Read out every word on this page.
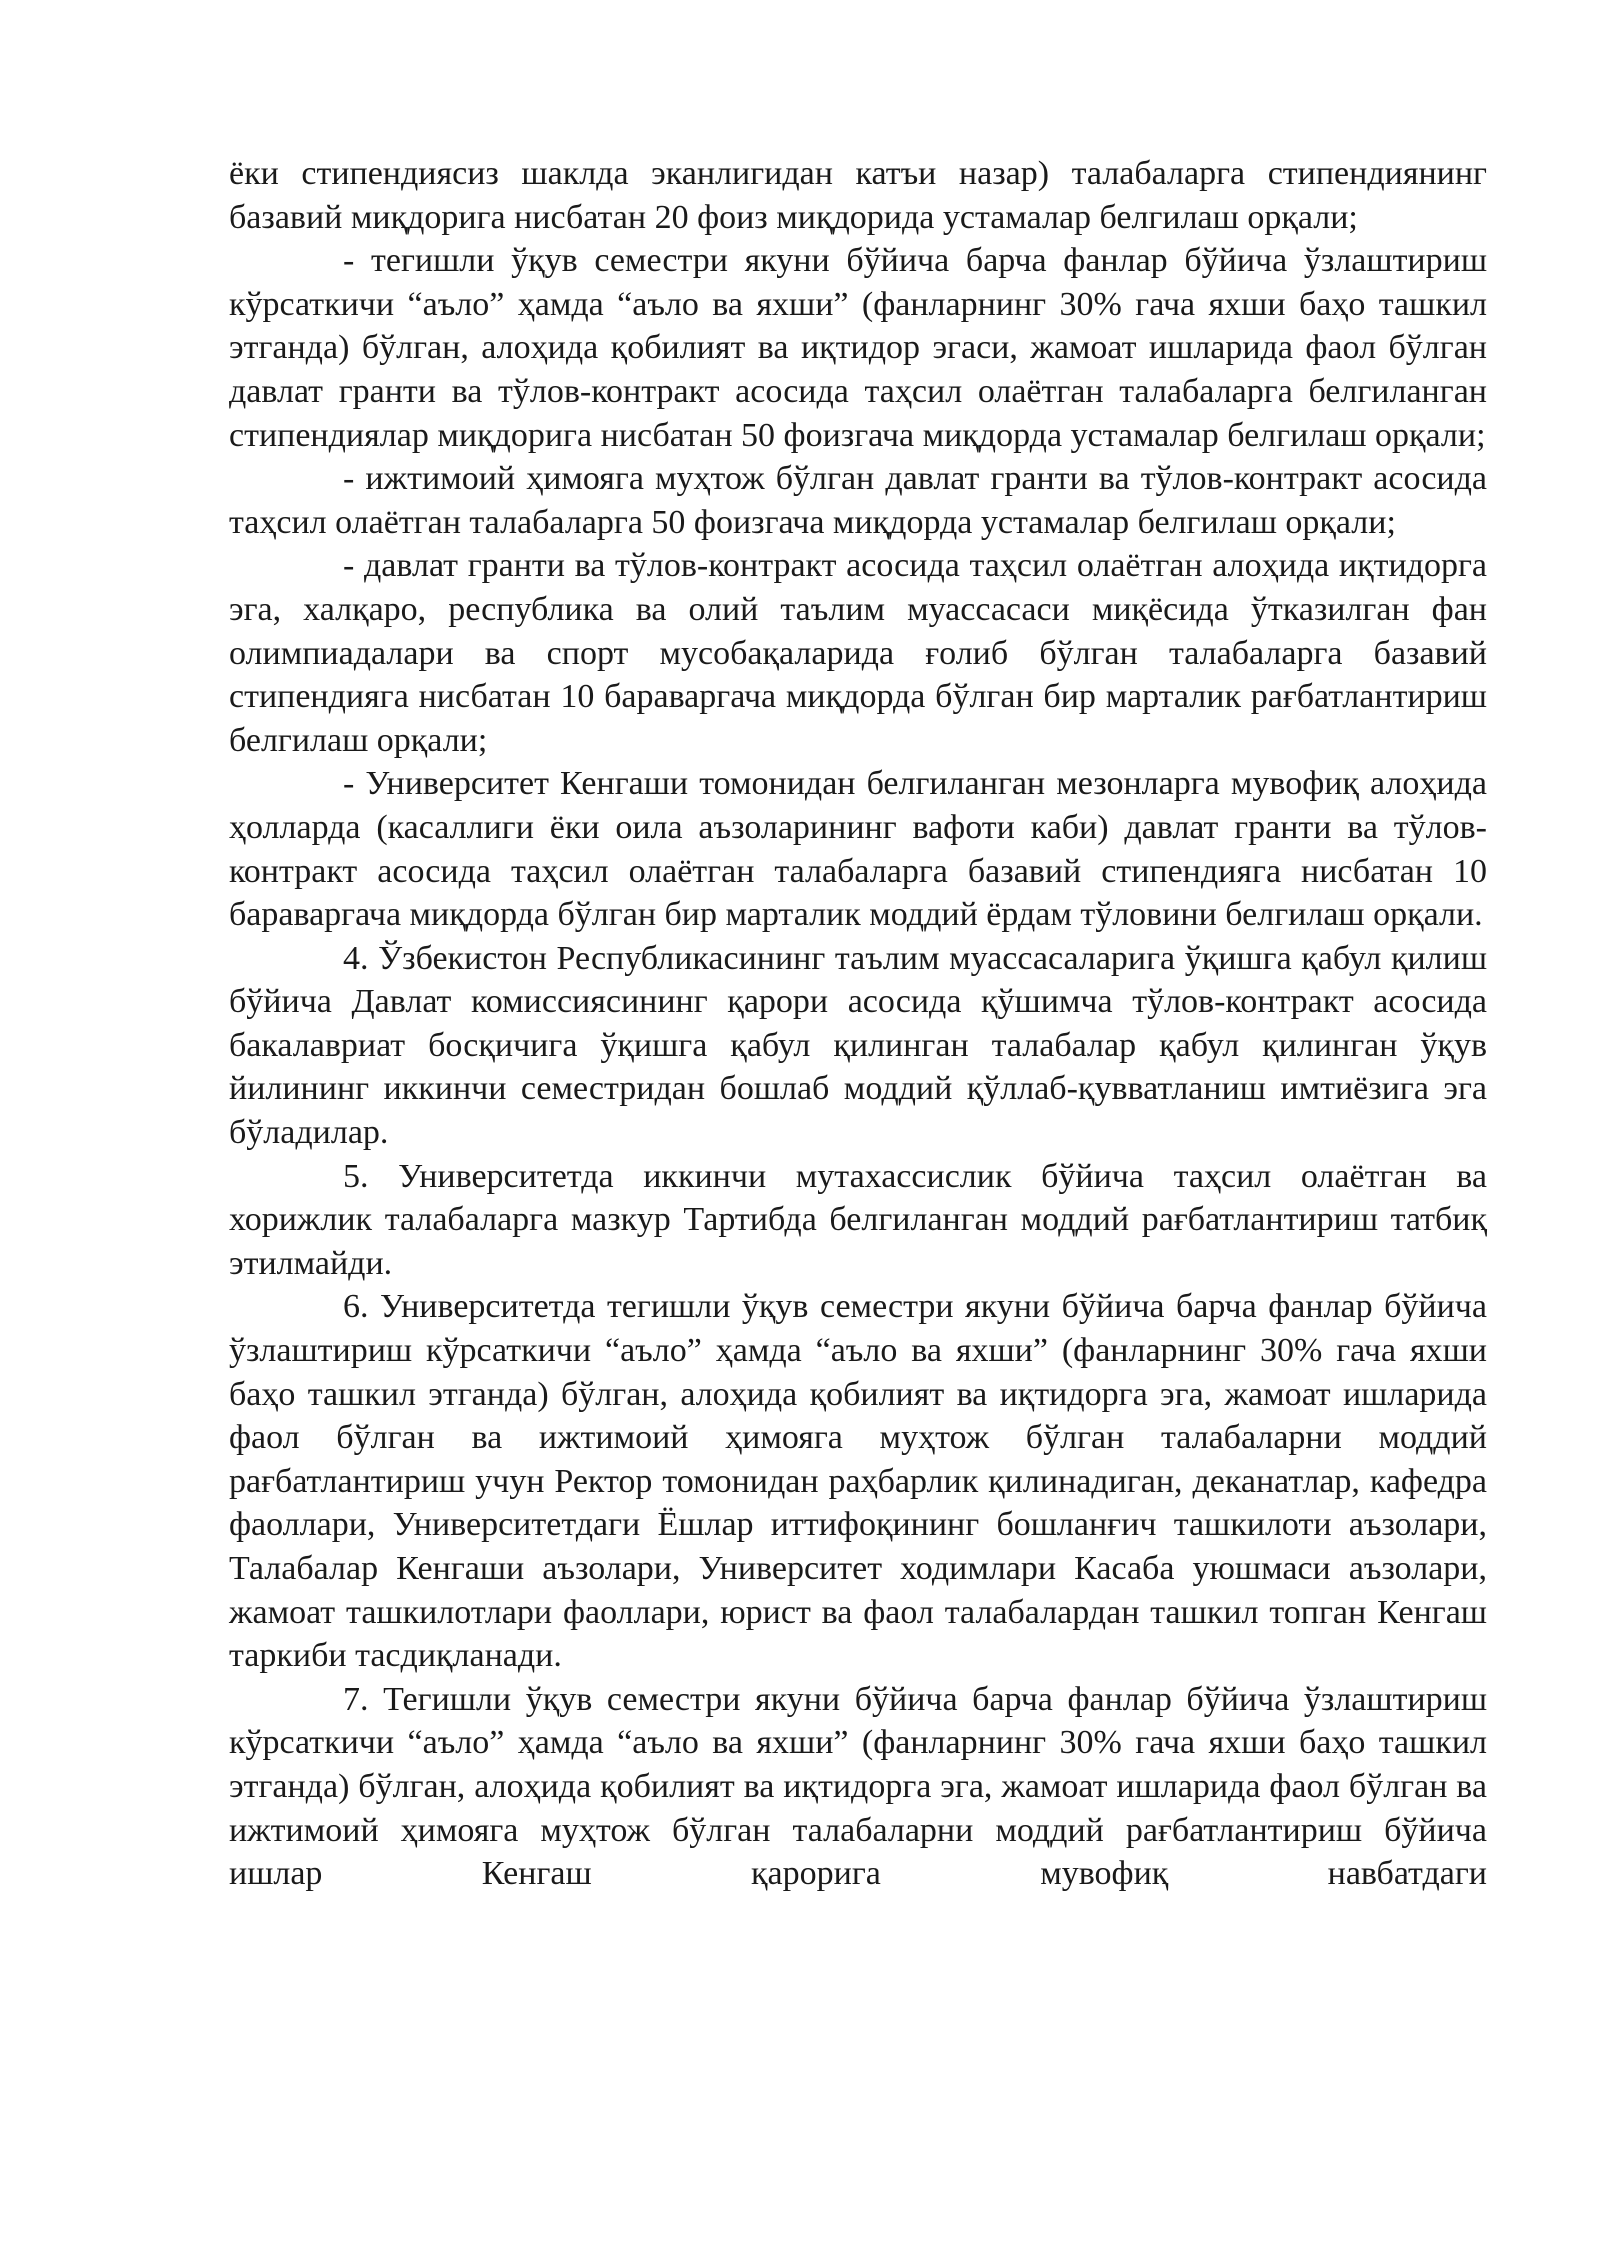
ёки стипендиясиз шаклда эканлигидан катъи назар) талабаларга стипендиянинг базавий миқдорига нисбатан 20 фоиз миқдорида устамалар белгилаш орқали;

- тегишли ўқув семестри якуни бўйича барча фанлар бўйича ўзлаштириш кўрсаткичи “аъло” ҳамда “аъло ва яхши” (фанларнинг 30% гача яхши баҳо ташкил этганда) бўлган, алоҳида қобилият ва иқтидор эгаси, жамоат ишларида фаол бўлган давлат гранти ва тўлов-контракт асосида таҳсил олаётган талабаларга белгиланган стипендиялар миқдорига нисбатан 50 фоизгача миқдорда устамалар белгилаш орқали;

- ижтимоий ҳимояга муҳтож бўлган давлат гранти ва тўлов-контракт асосида таҳсил олаётган талабаларга 50 фоизгача миқдорда устамалар белгилаш орқали;

- давлат гранти ва тўлов-контракт асосида таҳсил олаётган алоҳида иқтидорга эга, халқаро, республика ва олий таълим муассасаси миқёсида ўтказилган фан олимпиадалари ва спорт мусобақаларида ғолиб бўлган талабаларга базавий стипендияга нисбатан 10 бараваргача миқдорда бўлган бир марталик рағбатлантириш белгилаш орқали;

- Университет Кенгаши томонидан белгиланган мезонларга мувофиқ алоҳида ҳолларда (касаллиги ёки оила аъзоларининг вафоти каби) давлат гранти ва тўлов-контракт асосида таҳсил олаётган талабаларга базавий стипендияга нисбатан 10 бараваргача миқдорда бўлган бир марталик моддий ёрдам тўловини белгилаш орқали.

4. Ўзбекистон Республикасининг таълим муассасаларига ўқишга қабул қилиш бўйича Давлат комиссиясининг қарори асосида қўшимча тўлов-контракт асосида бакалавриат босқичига ўқишга қабул қилинган талабалар қабул қилинган ўқув йилининг иккинчи семестридан бошлаб моддий қўллаб-қувватланиш имтиёзига эга бўладилар.

5. Университетда иккинчи мутахассислик бўйича таҳсил олаётган ва хорижлик талабаларга мазкур Тартибда белгиланган моддий рағбатлантириш татбиқ этилмайди.

6. Университетда тегишли ўқув семестри якуни бўйича барча фанлар бўйича ўзлаштириш кўрсаткичи “аъло” ҳамда “аъло ва яхши” (фанларнинг 30% гача яхши баҳо ташкил этганда) бўлган, алоҳида қобилият ва иқтидорга эга, жамоат ишларида фаол бўлган ва ижтимоий ҳимояга муҳтож бўлган талабаларни моддий рағбатлантириш учун Ректор томонидан раҳбарлик қилинадиган, деканатлар, кафедра фаоллари, Университетдаги Ёшлар иттифоқининг бошланғич ташкилоти аъзолари, Талабалар Кенгаши аъзолари, Университет ходимлари Касаба уюшмаси аъзолари, жамоат ташкилотлари фаоллари, юрист ва фаол талабалардан ташкил топган Кенгаш таркиби тасдиқланади.

7. Тегишли ўқув семестри якуни бўйича барча фанлар бўйича ўзлаштириш кўрсаткичи “аъло” ҳамда “аъло ва яхши” (фанларнинг 30% гача яхши баҳо ташкил этганда) бўлган, алоҳида қобилият ва иқтидорга эга, жамоат ишларида фаол бўлган ва ижтимоий ҳимояга муҳтож бўлган талабаларни моддий рағбатлантириш бўйича ишлар Кенгаш қарорига мувофиқ навбатдаги
